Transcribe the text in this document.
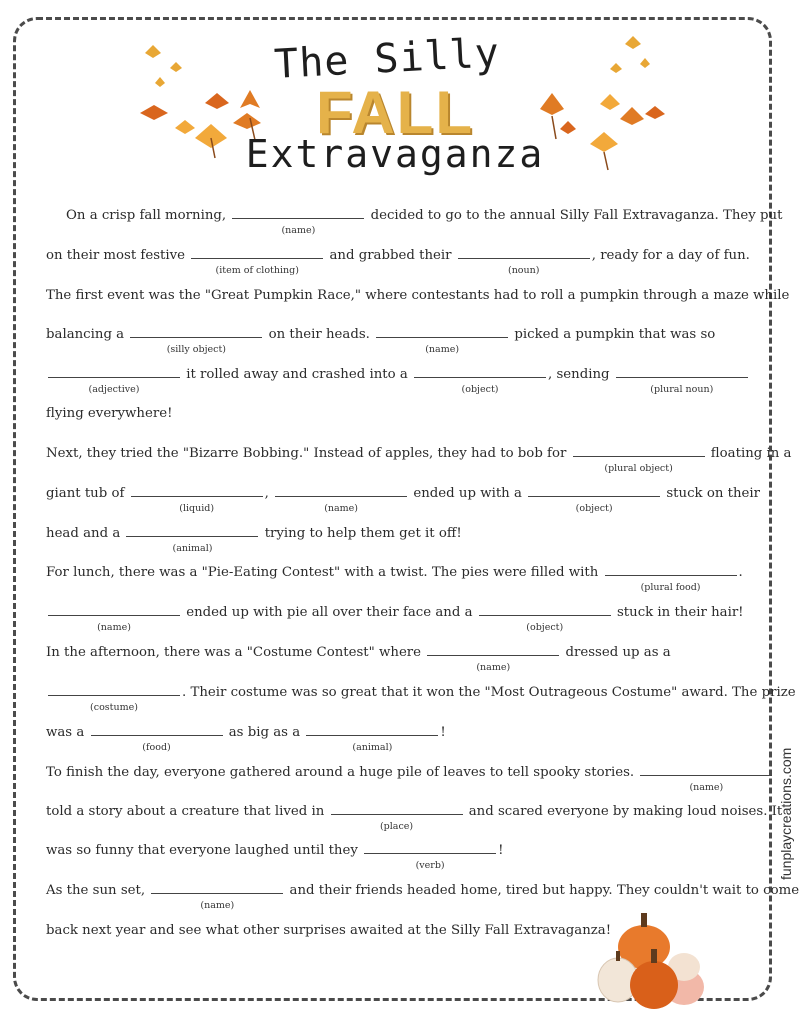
The Silly
FALL
Extravaganza
On a crisp fall morning,
(name)
decided to go to the annual Silly Fall Extravaganza. They put
on their most festive
(item of clothing)
and grabbed their
(noun)
, ready for a day of fun.
The first event was the "Great Pumpkin Race," where contestants had to roll a pumpkin through a maze while
balancing a
(silly object)
on their heads.
(name)
picked a pumpkin that was so
(adjective)
it rolled away and crashed into a
(object)
, sending
(plural noun)
flying everywhere!
Next, they tried the "Bizarre Bobbing." Instead of apples, they had to bob for
(plural object)
floating in a
giant tub of
(liquid)
,
(name)
ended up with a
(object)
stuck on their
head and a
(animal)
trying to help them get it off!
For lunch, there was a "Pie-Eating Contest" with a twist. The pies were filled with
(plural food)
.
(name)
ended up with pie all over their face and a
(object)
stuck in their hair!
In the afternoon, there was a "Costume Contest" where
(name)
dressed up as a
(costume)
. Their costume was so great that it won the "Most Outrageous Costume" award. The prize
was a
(food)
as big as a
(animal)
!
To finish the day, everyone gathered around a huge pile of leaves to tell spooky stories.
(name)
told a story about a creature that lived in
(place)
and scared everyone by making loud noises. It
was so funny that everyone laughed until they
(verb)
!
As the sun set,
(name)
and their friends headed home, tired but happy. They couldn't wait to come
back next year and see what other surprises awaited at the Silly Fall Extravaganza!
funplaycreations.com
